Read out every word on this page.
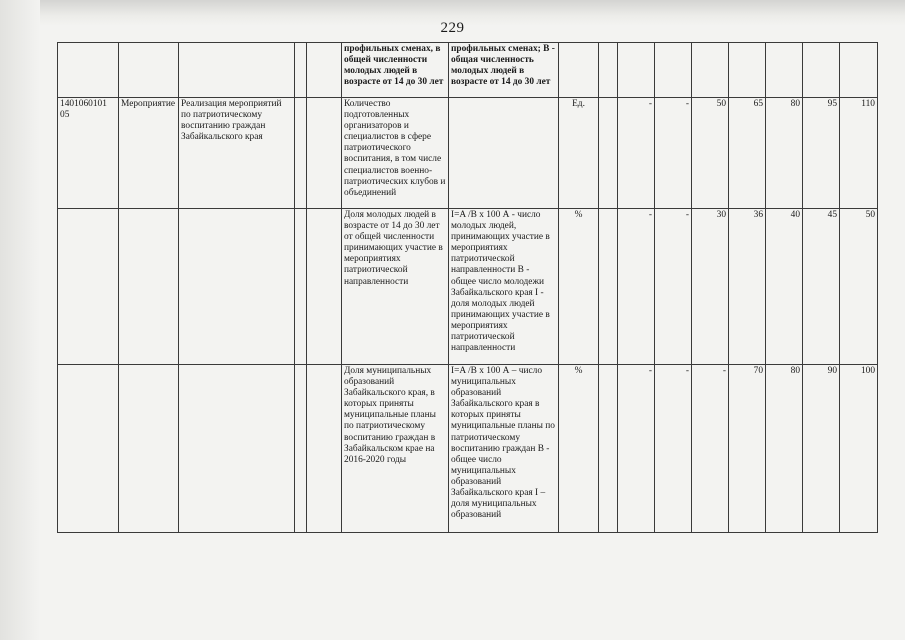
229
					профильных сменах, в общей численности молодых людей в возрасте от 14 до 30 лет	профильных сменах; В - общая численность молодых людей в возрасте от 14 до 30 лет									
1401060101 05	Мероприятие	Реализация мероприятий по патриотическому воспитанию граждан Забайкальского края			Количество подготовленных организаторов и специалистов в сфере патриотического воспитания, в том числе специалистов военно-патриотических клубов и объединений		Ед.		-	-	50	65	80	95	110
					Доля молодых людей в возрасте от 14 до 30 лет от общей численности принимающих участие в мероприятиях патриотической направленности	I=A /B х 100 А - число молодых людей, принимающих участие в мероприятиях патриотической направленности В - общее число молодежи Забайкальского края I - доля молодых людей принимающих участие в мероприятиях патриотической направленности	%		-	-	30	36	40	45	50
					Доля муниципальных образований Забайкальского края, в которых приняты муниципальные планы по патриотическому воспитанию граждан в Забайкальском крае на 2016-2020 годы	I=A /B х 100 А – число муниципальных образований Забайкальского края в которых приняты муниципальные планы по патриотическому воспитанию граждан В - общее число муниципальных образований Забайкальского края I – доля муниципальных образований	%		-	-	-	70	80	90	100
